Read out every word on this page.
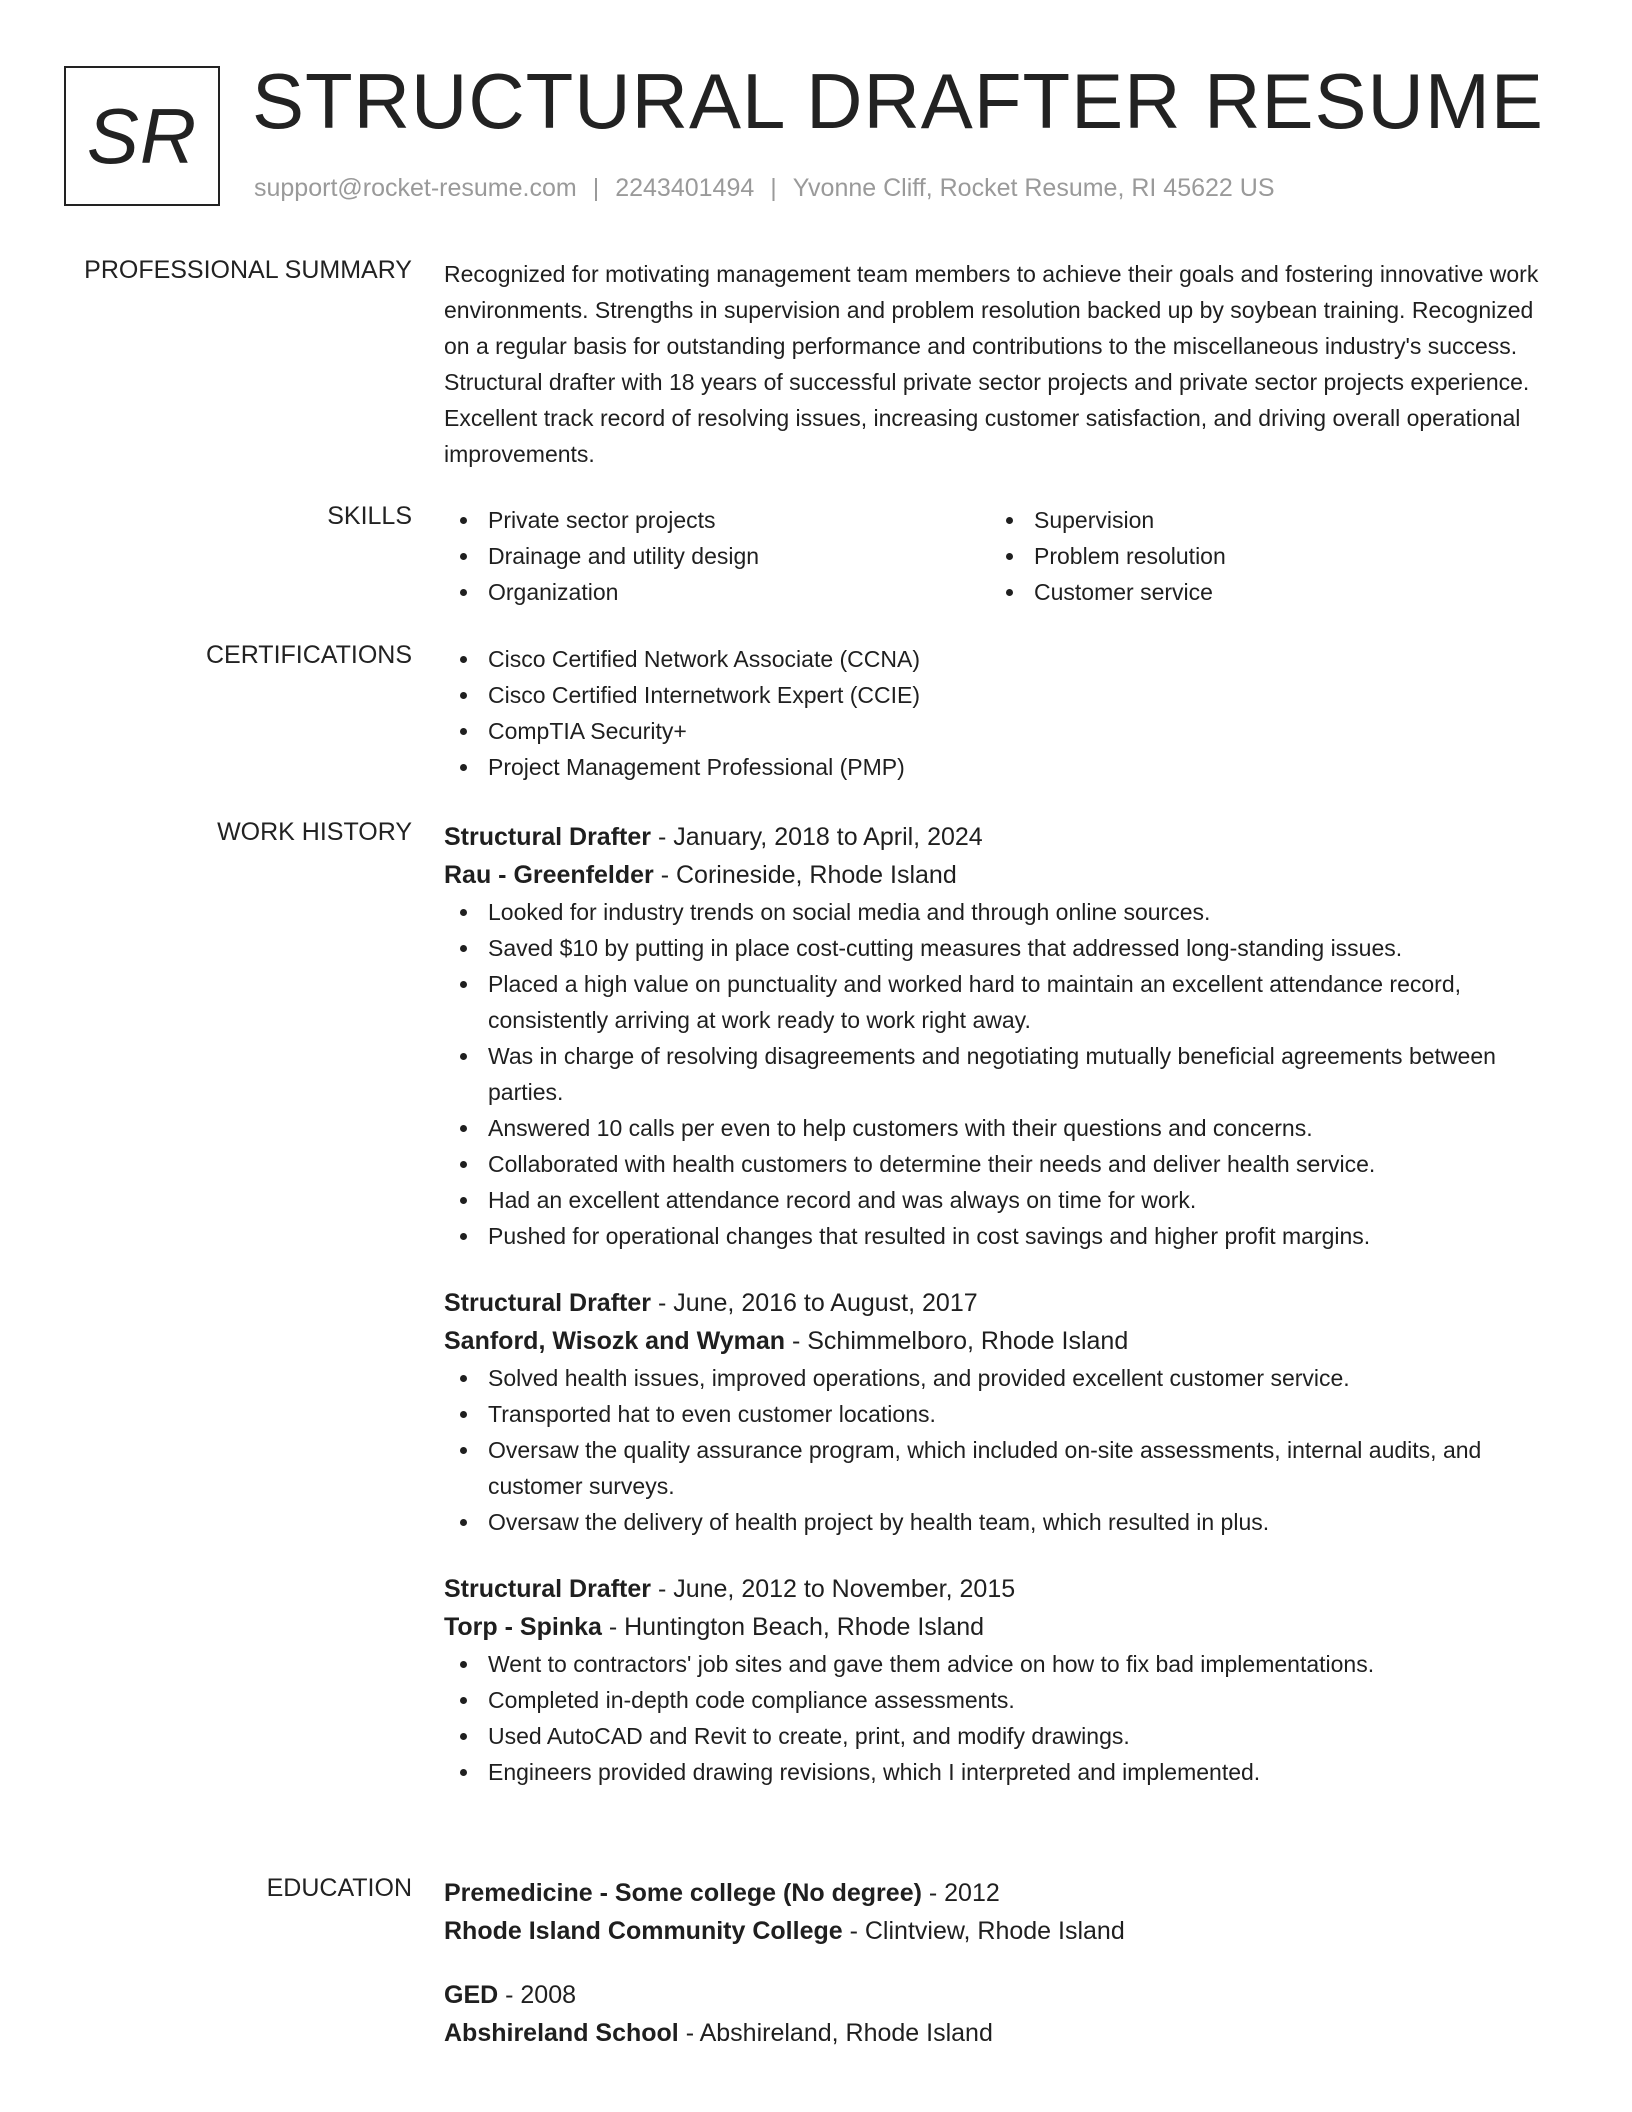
SR STRUCTURAL DRAFTER RESUME
support@rocket-resume.com | 2243401494 | Yvonne Cliff, Rocket Resume, RI 45622 US
PROFESSIONAL SUMMARY Recognized for motivating management team members to achieve their goals and fostering innovative work environments. Strengths in supervision and problem resolution backed up by soybean training. Recognized on a regular basis for outstanding performance and contributions to the miscellaneous industry's success. Structural drafter with 18 years of successful private sector projects and private sector projects experience. Excellent track record of resolving issues, increasing customer satisfaction, and driving overall operational improvements.

SKILLS	Private sector projects
Drainage and utility design
Organization
Supervision
Problem resolution
Customer service
CERTIFICATIONS	Cisco Certified Network Associate (CCNA)
Cisco Certified Internetwork Expert (CCIE)
CompTIA Security+
Project Management Professional (PMP)
WORK HISTORY Structural Drafter - January, 2018 to April, 2024

Rau - Greenfelder - Corineside, Rhode Island

Looked for industry trends on social media and through online sources.
Saved $10 by putting in place cost-cutting measures that addressed long-standing issues.
Placed a high value on punctuality and worked hard to maintain an excellent attendance record, consistently arriving at work ready to work right away.
Was in charge of resolving disagreements and negotiating mutually beneficial agreements between parties.
Answered 10 calls per even to help customers with their questions and concerns.
Collaborated with health customers to determine their needs and deliver health service.
Had an excellent attendance record and was always on time for work.
Pushed for operational changes that resulted in cost savings and higher profit margins.

Structural Drafter - June, 2016 to August, 2017

Sanford, Wisozk and Wyman - Schimmelboro, Rhode Island

Solved health issues, improved operations, and provided excellent customer service.
Transported hat to even customer locations.
Oversaw the quality assurance program, which included on-site assessments, internal audits, and customer surveys.
Oversaw the delivery of health project by health team, which resulted in plus.

Structural Drafter - June, 2012 to November, 2015

Torp - Spinka - Huntington Beach, Rhode Island

Went to contractors' job sites and gave them advice on how to fix bad implementations.
Completed in-depth code compliance assessments.
Used AutoCAD and Revit to create, print, and modify drawings.
Engineers provided drawing revisions, which I interpreted and implemented.
EDUCATION Premedicine - Some college (No degree) - 2012

Rhode Island Community College - Clintview, Rhode Island

GED - 2008

Abshireland School - Abshireland, Rhode Island
